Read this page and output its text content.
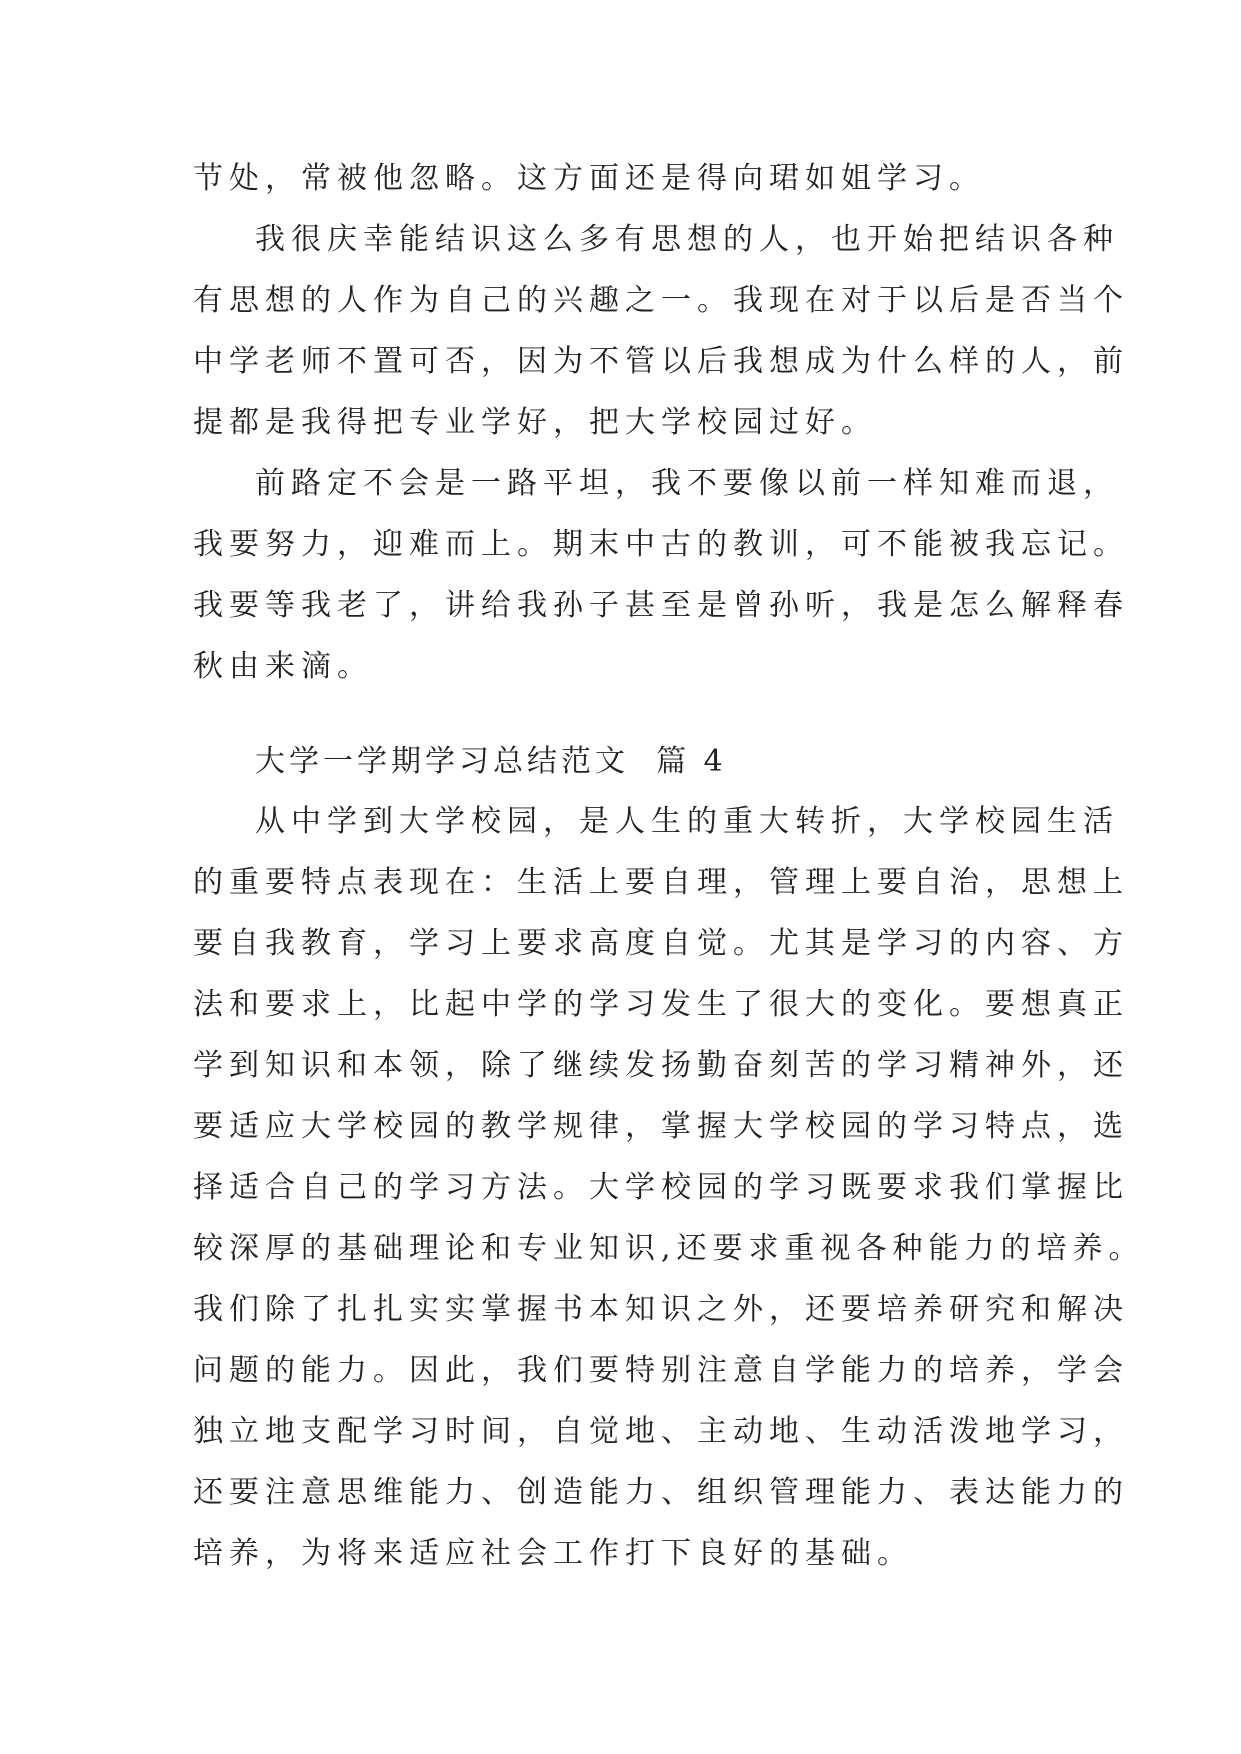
节处，常被他忽略。这方面还是得向珺如姐学习。
我很庆幸能结识这么多有思想的人，也开始把结识各种
有思想的人作为自己的兴趣之一。我现在对于以后是否当个
中学老师不置可否，因为不管以后我想成为什么样的人，前
提都是我得把专业学好，把大学校园过好。
前路定不会是一路平坦，我不要像以前一样知难而退，
我要努力，迎难而上。期末中古的教训，可不能被我忘记。
我要等我老了，讲给我孙子甚至是曾孙听，我是怎么解释春
秋由来滴。
大学一学期学习总结范文  篇 4
从中学到大学校园，是人生的重大转折，大学校园生活
的重要特点表现在：生活上要自理，管理上要自治，思想上
要自我教育，学习上要求高度自觉。尤其是学习的内容、方
法和要求上，比起中学的学习发生了很大的变化。要想真正
学到知识和本领，除了继续发扬勤奋刻苦的学习精神外，还
要适应大学校园的教学规律，掌握大学校园的学习特点，选
择适合自己的学习方法。大学校园的学习既要求我们掌握比
较深厚的基础理论和专业知识,还要求重视各种能力的培养。
我们除了扎扎实实掌握书本知识之外，还要培养研究和解决
问题的能力。因此，我们要特别注意自学能力的培养，学会
独立地支配学习时间，自觉地、主动地、生动活泼地学习，
还要注意思维能力、创造能力、组织管理能力、表达能力的
培养，为将来适应社会工作打下良好的基础。
